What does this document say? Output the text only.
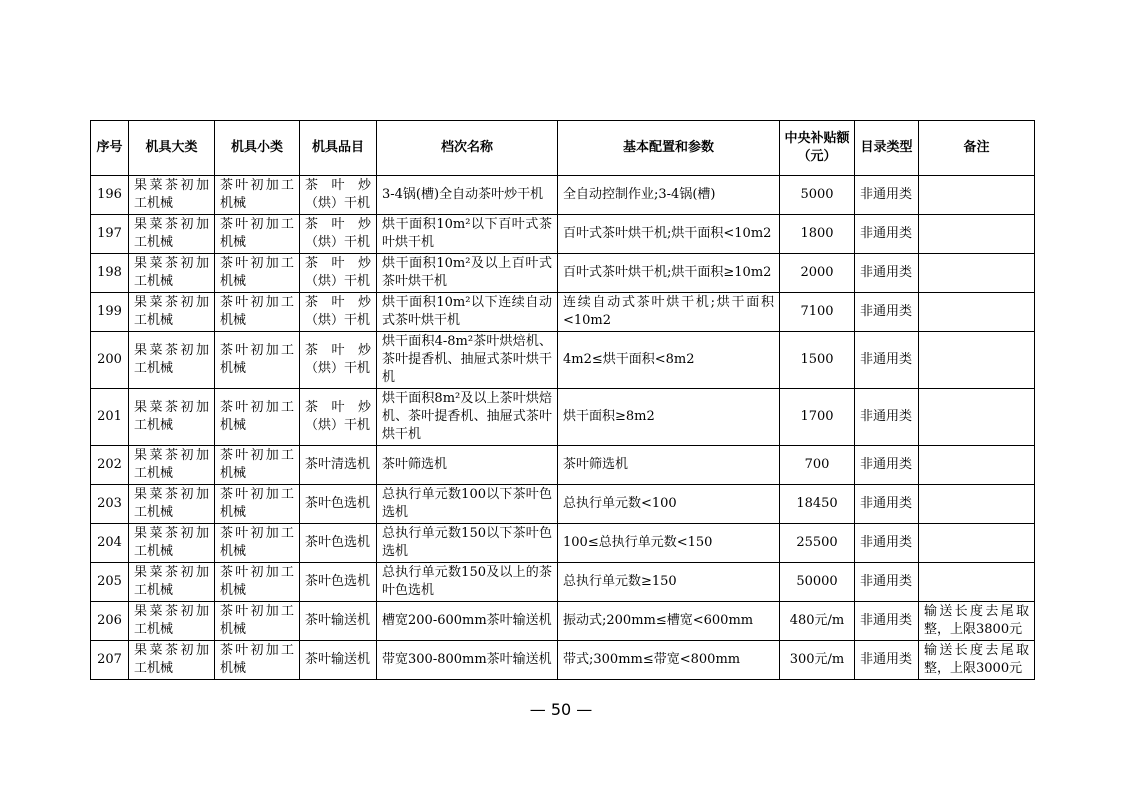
序号	机具大类	机具小类	机具品目	档次名称	基本配置和参数	中央补贴额（元）	目录类型	备注
196	果菜茶初加工机械	茶叶初加工机械	茶叶炒（烘）干机	3-4锅(槽)全自动茶叶炒干机	全自动控制作业;3-4锅(槽)	5000	非通用类	
197	果菜茶初加工机械	茶叶初加工机械	茶叶炒（烘）干机	烘干面积10m²以下百叶式茶叶烘干机	百叶式茶叶烘干机;烘干面积<10m2	1800	非通用类	
198	果菜茶初加工机械	茶叶初加工机械	茶叶炒（烘）干机	烘干面积10m²及以上百叶式茶叶烘干机	百叶式茶叶烘干机;烘干面积≥10m2	2000	非通用类	
199	果菜茶初加工机械	茶叶初加工机械	茶叶炒（烘）干机	烘干面积10m²以下连续自动式茶叶烘干机	连续自动式茶叶烘干机;烘干面积<10m2	7100	非通用类	
200	果菜茶初加工机械	茶叶初加工机械	茶叶炒（烘）干机	烘干面积4-8m²茶叶烘焙机、茶叶提香机、抽屉式茶叶烘干机	4m2≤烘干面积<8m2	1500	非通用类	
201	果菜茶初加工机械	茶叶初加工机械	茶叶炒（烘）干机	烘干面积8m²及以上茶叶烘焙机、茶叶提香机、抽屉式茶叶烘干机	烘干面积≥8m2	1700	非通用类	
202	果菜茶初加工机械	茶叶初加工机械	茶叶清选机	茶叶筛选机	茶叶筛选机	700	非通用类	
203	果菜茶初加工机械	茶叶初加工机械	茶叶色选机	总执行单元数100以下茶叶色选机	总执行单元数<100	18450	非通用类	
204	果菜茶初加工机械	茶叶初加工机械	茶叶色选机	总执行单元数150以下茶叶色选机	100≤总执行单元数<150	25500	非通用类	
205	果菜茶初加工机械	茶叶初加工机械	茶叶色选机	总执行单元数150及以上的茶叶色选机	总执行单元数≥150	50000	非通用类	
206	果菜茶初加工机械	茶叶初加工机械	茶叶输送机	槽宽200-600mm茶叶输送机	振动式;200mm≤槽宽<600mm	480元/m	非通用类	输送长度去尾取整，上限3800元
207	果菜茶初加工机械	茶叶初加工机械	茶叶输送机	带宽300-800mm茶叶输送机	带式;300mm≤带宽<800mm	300元/m	非通用类	输送长度去尾取整，上限3000元
— 50 —
